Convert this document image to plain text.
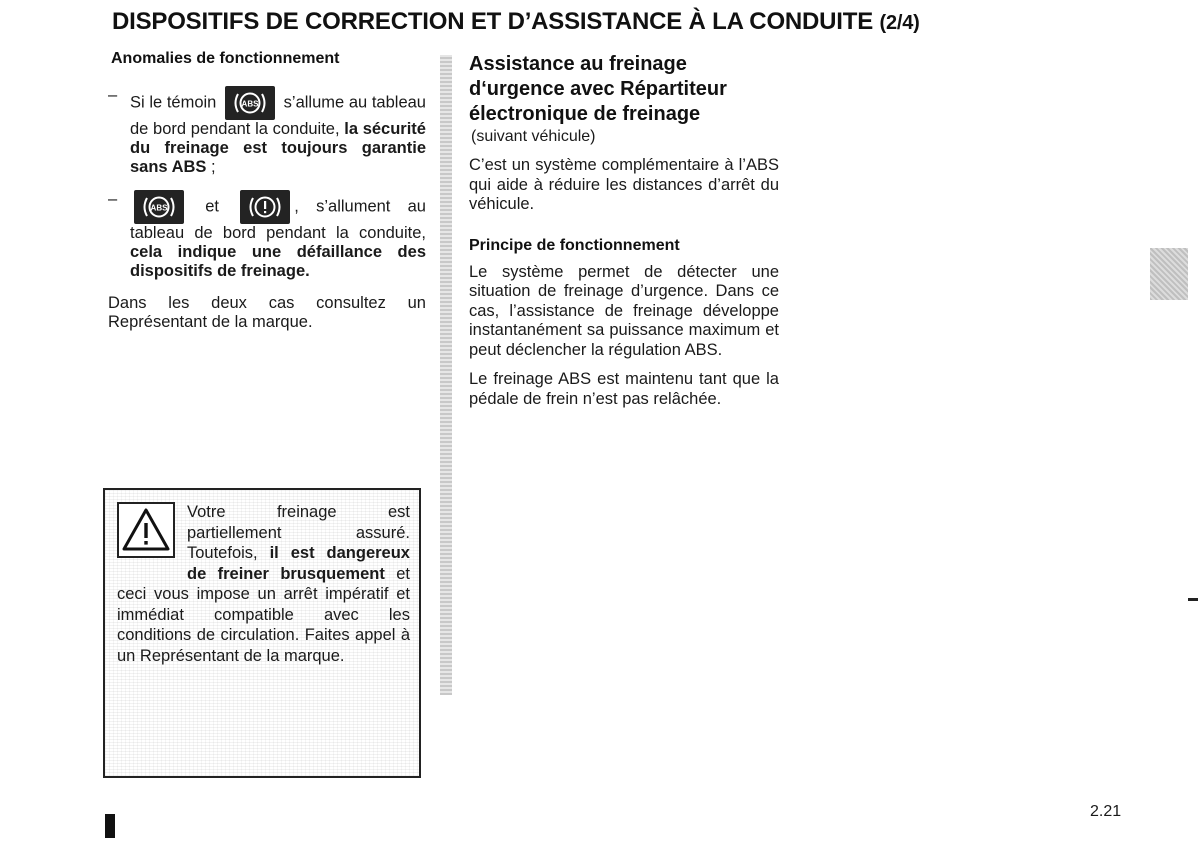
DISPOSITIFS DE CORRECTION ET D’ASSISTANCE À LA CONDUITE (2/4)
Anomalies de fonctionnement
– Si le témoin	ABS s’allume au tableau de bord pendant la conduite, la sécurité du freinage est toujours garantie sans ABS ;
–	ABS et	, s’allument au tableau de bord pendant la conduite, cela indique une défaillance des dispositifs de freinage.

Dans les deux cas consultez un Représentant de la marque.

Votre freinage est partiellement assuré. Toutefois, il est dangereux de freiner brusquement et ceci vous impose un arrêt impératif et immédiat compatible avec les conditions de circulation. Faites appel à un Représentant de la marque.

Assistance au freinage d‘urgence avec Répartiteur électronique de freinage

(suivant véhicule)

C’est un système complémentaire à l’ABS qui aide à réduire les distances d’arrêt du véhicule.

Principe de fonctionnement

Le système permet de détecter une situation de freinage d’urgence. Dans ce cas, l’assistance de freinage développe instantanément sa puissance maximum et peut déclencher la régulation ABS.

Le freinage ABS est maintenu tant que la pédale de frein n’est pas relâchée.

2.21
